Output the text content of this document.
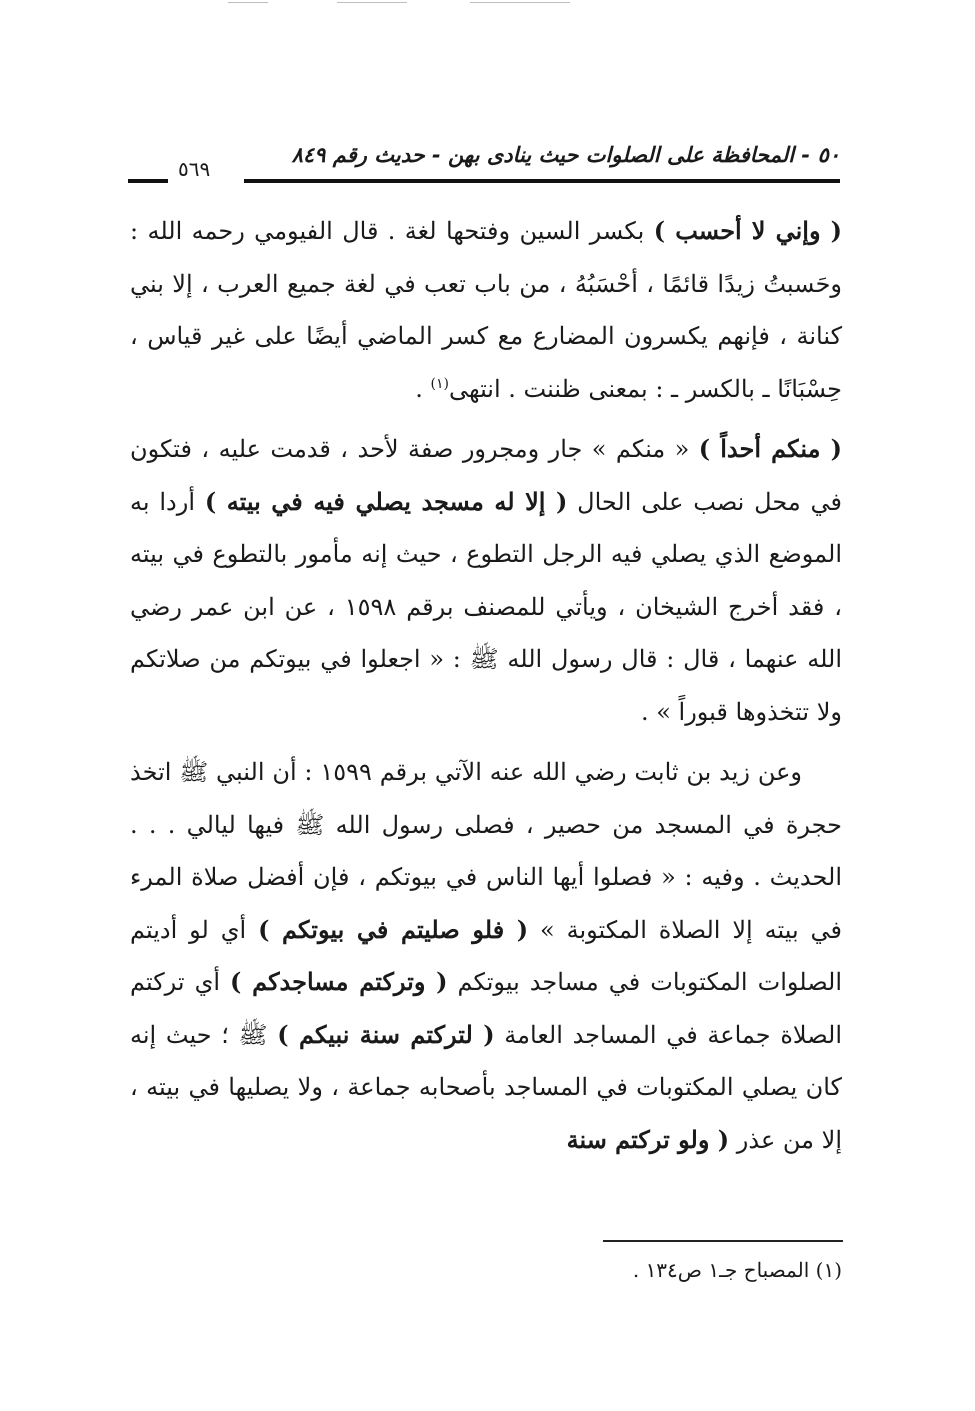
٥٠ - المحافظة على الصلوات حيث ينادى بهن - حديث رقم ٨٤٩
٥٦٩

( وإني لا أحسب ) بكسر السين وفتحها لغة . قال الفيومي رحمه الله : وحَسبتُ زيدًا قائمًا ، أحْسَبُهُ ، من باب تعب في لغة جميع العرب ، إلا بني كنانة ، فإنهم يكسرون المضارع مع كسر الماضي أيضًا على غير قياس ، حِسْبَانًا ـ بالكسر ـ : بمعنى ظننت . انتهى$^{(١)}$ .

( منكم أحداً ) « منكم » جار ومجرور صفة لأحد ، قدمت عليه ، فتكون في محل نصب على الحال ( إلا له مسجد يصلي فيه في بيته ) أردا به الموضع الذي يصلي فيه الرجل التطوع ، حيث إنه مأمور بالتطوع في بيته ، فقد أخرج الشيخان ، ويأتي للمصنف برقم ١٥٩٨ ، عن ابن عمر رضي الله عنهما ، قال : قال رسول الله ﷺ : « اجعلوا في بيوتكم من صلاتكم ولا تتخذوها قبوراً » .

وعن زيد بن ثابت رضي الله عنه الآتي برقم ١٥٩٩ : أن النبي ﷺ اتخذ حجرة في المسجد من حصير ، فصلى رسول الله ﷺ فيها ليالي . . . الحديث . وفيه : « فصلوا أيها الناس في بيوتكم ، فإن أفضل صلاة المرء في بيته إلا الصلاة المكتوبة » ( فلو صليتم في بيوتكم ) أي لو أديتم الصلوات المكتوبات في مساجد بيوتكم ( وتركتم مساجدكم ) أي تركتم الصلاة جماعة في المساجد العامة ( لتركتم سنة نبيكم ) ﷺ ؛ حيث إنه كان يصلي المكتوبات في المساجد بأصحابه جماعة ، ولا يصليها في بيته ، إلا من عذر ( ولو تركتم سنة

(١) المصباح جـ١ ص١٣٤ .
